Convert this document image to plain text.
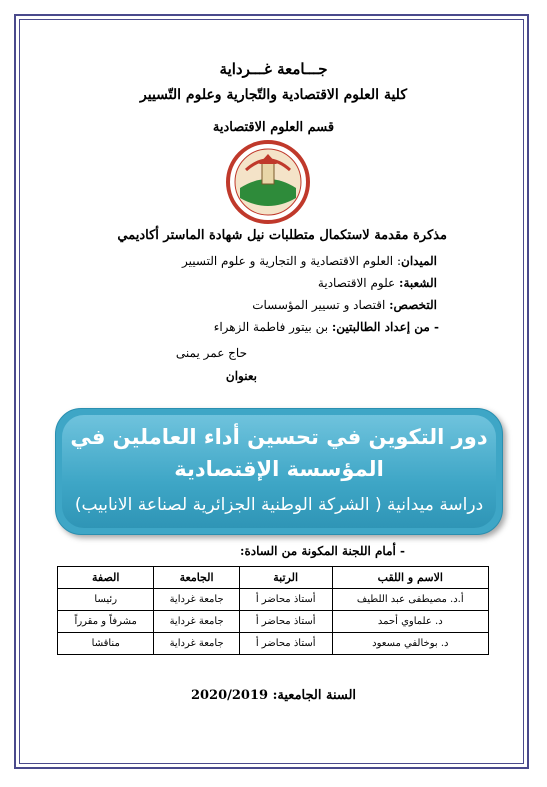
جـــامعة غـــرداية
كلية العلوم الاقتصادية والتّجارية وعلوم التّسيير
قسم العلوم الاقتصادية
مذكرة مقدمة لاستكمال متطلبات نيل شهادة الماستر أكاديمي
الميدان: العلوم الاقتصادية و التجارية و علوم التسيير
الشعبة: علوم الاقتصادية
التخصص: اقتصاد و تسيير المؤسسات
- من إعداد الطالبتين: بن بيتور فاطمة الزهراء
حاج عمر يمنى
بعنوان
دور التكوين في تحسين أداء العاملين في
المؤسسة الإقتصادية
دراسة ميدانية ( الشركة الوطنية الجزائرية لصناعة الانابيب)
- أمام اللجنة المكونة من السادة:
الاسم و اللقب	الرتبة	الجامعة	الصفة
أ.د. مصيطفى عبد اللطيف	أستاذ محاضر أ	جامعة غرداية	رئيسا
د. علماوي أحمد	أستاذ محاضر أ	جامعة غرداية	مشرفاً و مقرراً
د. بوخالفي مسعود	أستاذ محاضر أ	جامعة غرداية	مناقشا
السنة الجامعية: 2020/2019
